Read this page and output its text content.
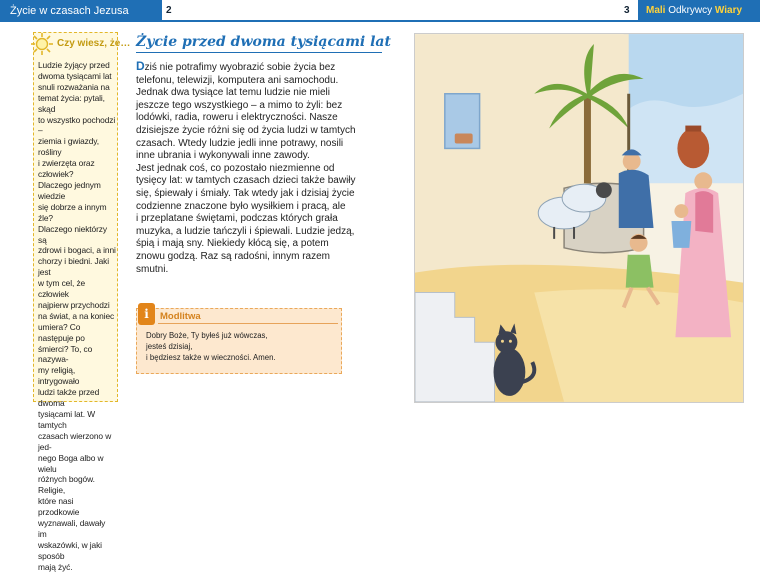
Życie w czasach Jezusa	2	3	Mali Odkrywcy Wiary
Czy wiesz, że…
Ludzie żyjący przed
dwoma tysiącami lat
snuli rozważania na
temat życia: pytali, skąd
to wszystko pochodzi –
ziemia i gwiazdy, rośliny
i zwierzęta oraz człowiek?
Dlaczego jednym wiedzie
się dobrze a innym źle?
Dlaczego niektórzy są
zdrowi i bogaci, a inni
chorzy i biedni. Jaki jest
w tym cel, że człowiek
najpierw przychodzi
na świat, a na koniec
umiera? Co następuje po
śmierci? To, co nazywa-
my religią, intrygowało
ludzi także przed dwoma
tysiącami lat. W tamtych
czasach wierzono w jed-
nego Boga albo w wielu
różnych bogów. Religie,
które nasi przodkowie
wyznawali, dawały im
wskazówki, w jaki sposób
mają żyć.
Życie przed dwoma tysiącami lat
Dziś nie potrafimy wyobrazić sobie życia bez
telefonu, telewizji, komputera ani samochodu.
Jednak dwa tysiące lat temu ludzie nie mieli
jeszcze tego wszystkiego – a mimo to żyli: bez
lodówki, radia, roweru i elektryczności. Nasze
dzisiejsze życie różni się od życia ludzi w tamtych
czasach. Wtedy ludzie jedli inne potrawy, nosili
inne ubrania i wykonywali inne zawody.
Jest jednak coś, co pozostało niezmienne od
tysięcy lat: w tamtych czasach dzieci także bawiły
się, śpiewały i śmiały. Tak wtedy jak i dzisiaj życie
codzienne znaczone było wysiłkiem i pracą, ale
i przeplatane świętami, podczas których grała
muzyka, a ludzie tańczyli i śpiewali. Ludzie jedzą,
śpią i mają sny. Niekiedy kłócą się, a potem
znowu godzą. Raz są radośni, innym razem
smutni.
i	Modlitwa
Dobry Boże, Ty byłeś już wówczas,
jesteś dzisiaj,
i będziesz także w wieczności. Amen.
